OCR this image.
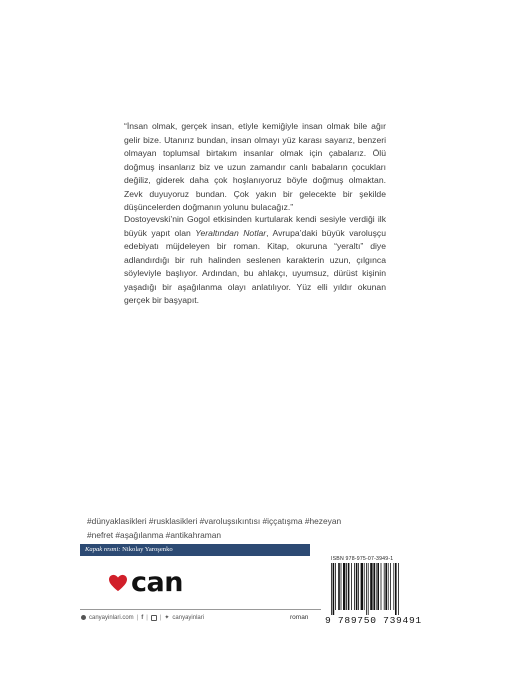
“İnsan olmak, gerçek insan, etiyle kemiğiyle insan olmak bile ağır gelir bize. Utanırız bundan, insan olmayı yüz karası sayarız, benzeri olmayan toplumsal birtakım insanlar olmak için çabalarız. Ölü doğmuş insanlarız biz ve uzun zamandır canlı babaların çocukları değiliz, giderek daha çok hoşlanıyoruz böyle doğmuş olmaktan. Zevk duyuyoruz bundan. Çok yakın bir gelecekte bir şekilde düşüncelerden doğmanın yolunu bulacağız.”
Dostoyevski’nin Gogol etkisinden kurtularak kendi sesiyle verdiği ilk büyük yapıt olan Yeraltından Notlar, Avrupa’daki büyük varoluşçu edebiyatı müjdeleyen bir roman. Kitap, okuruna “yeraltı” diye adlandırdığı bir ruh halinden seslenen karakterin uzun, çılgınca söyleviyle başlıyor. Ardından, bu ahlakçı, uyumsuz, dürüst kişinin yaşadığı bir aşağılanma olayı anlatılıyor. Yüz elli yıldır okunan gerçek bir başyapıt.
#dünyaklasikleri #rusklasikleri #varoluşsıkıntısı #iççatışma #hezeyan
#nefret #aşağılanma #antikahraman
Kapak resmi: Nikolay Yaroşenko
can
canyayinlari.com | f | | ✦ canyayinlari	roman
ISBN 978-975-07-3949-1
9 789750 739491
